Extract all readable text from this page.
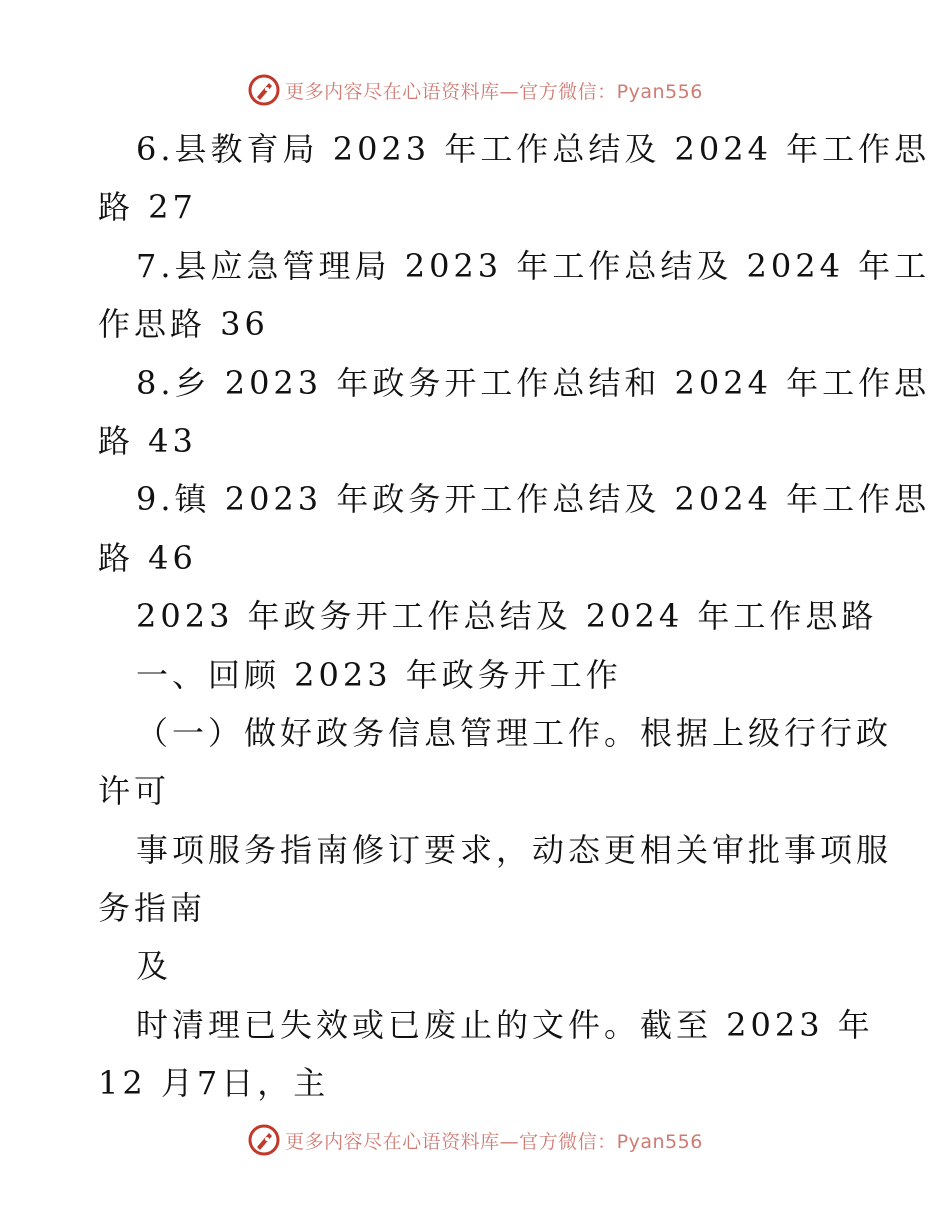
更多内容尽在心语资料库—官方微信：Pyan556
6.县教育局 2023 年工作总结及 2024 年工作思
路 27
7.县应急管理局 2023 年工作总结及 2024 年工
作思路 36
8.乡 2023 年政务开工作总结和 2024 年工作思
路 43
9.镇 2023 年政务开工作总结及 2024 年工作思
路 46
2023 年政务开工作总结及 2024 年工作思路
一、回顾 2023 年政务开工作
（一）做好政务信息管理工作。根据上级行行政
许可
事项服务指南修订要求，动态更相关审批事项服
务指南
及
时清理已失效或已废止的文件。截至 2023 年
12 月7日，主
更多内容尽在心语资料库—官方微信：Pyan556
